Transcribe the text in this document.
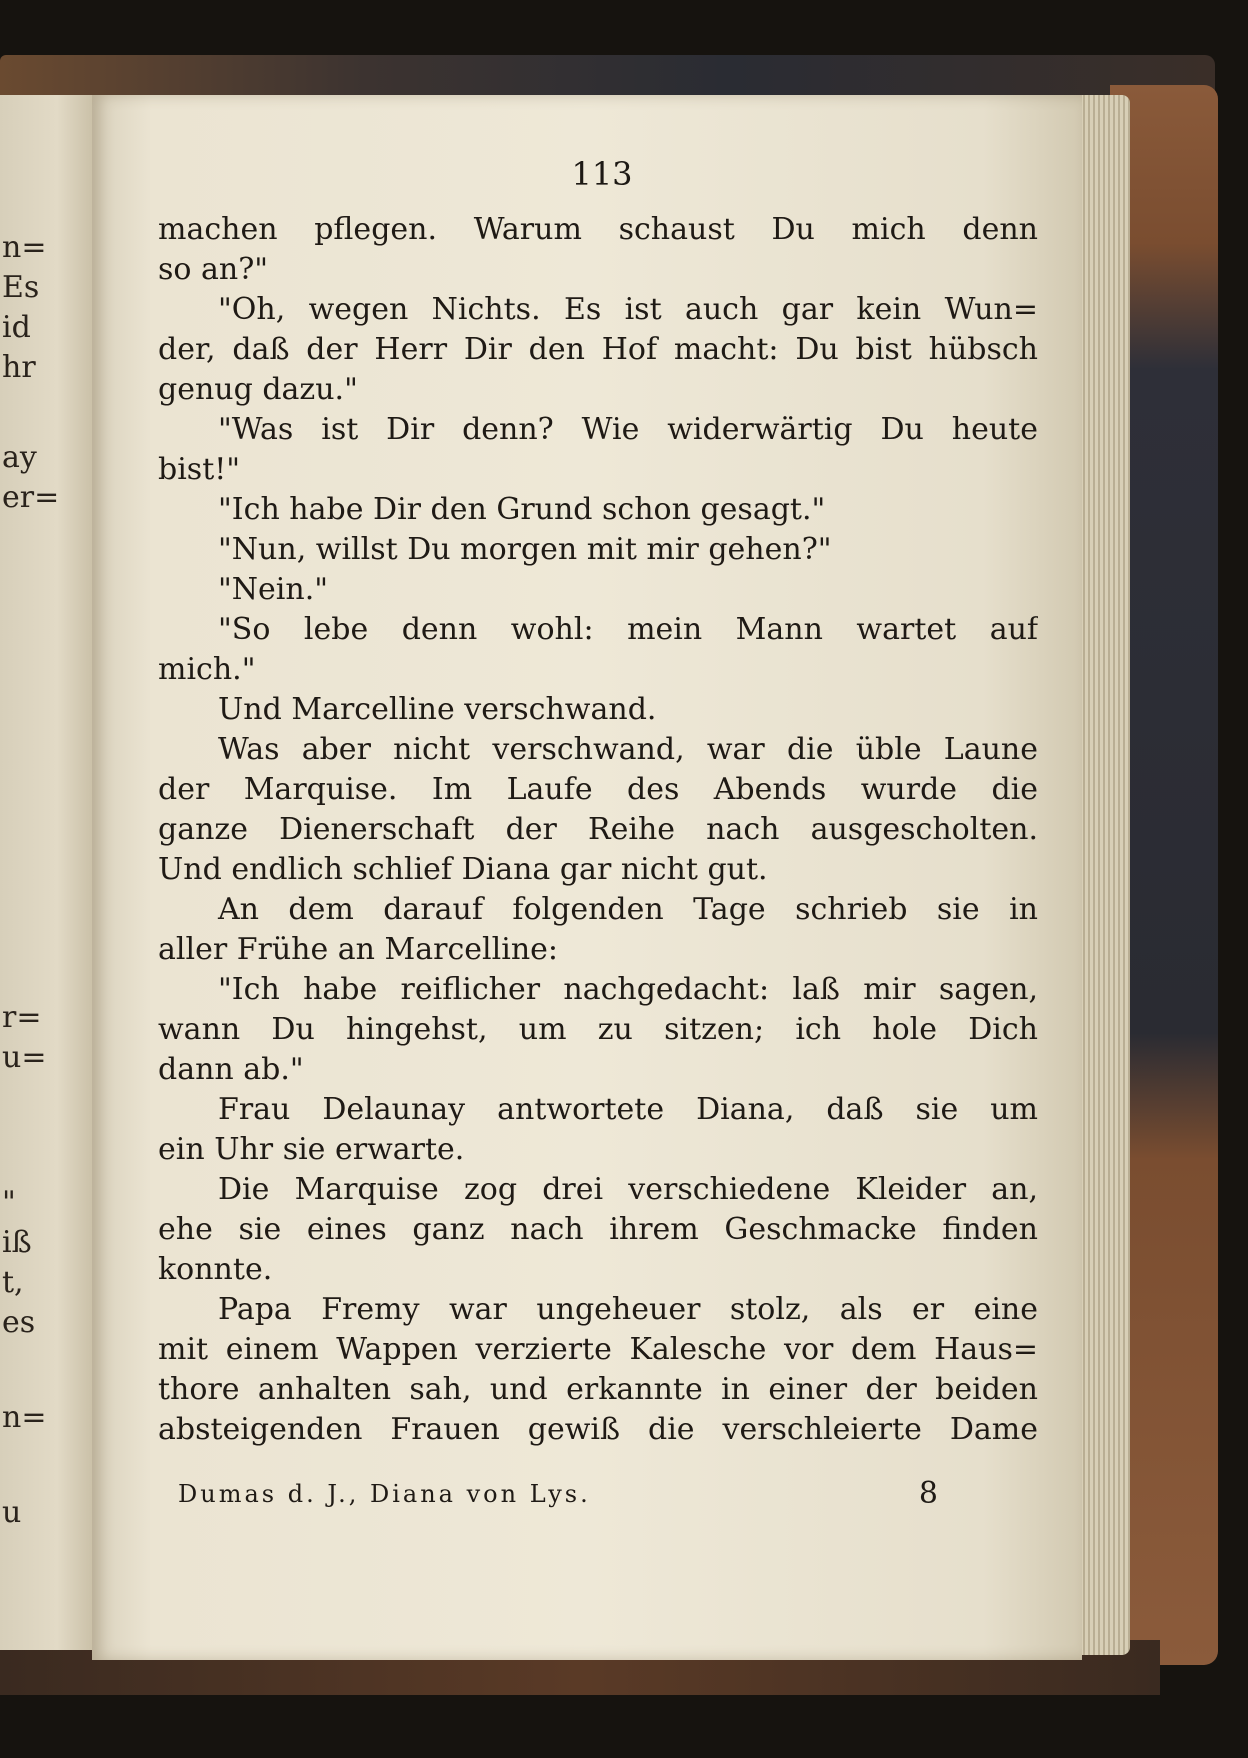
n=
Es
id
hr
ay
er=
r=
u=
"
iß
t,
es
n=
u
113
machen pflegen. Warum schaust Du mich denn
so an?"
"Oh, wegen Nichts. Es ist auch gar kein Wun=
der, daß der Herr Dir den Hof macht: Du bist hübsch
genug dazu."
"Was ist Dir denn? Wie widerwärtig Du heute
bist!"
"Ich habe Dir den Grund schon gesagt."
"Nun, willst Du morgen mit mir gehen?"
"Nein."
"So lebe denn wohl: mein Mann wartet auf
mich."
Und Marcelline verschwand.
Was aber nicht verschwand, war die üble Laune
der Marquise. Im Laufe des Abends wurde die
ganze Dienerschaft der Reihe nach ausgescholten.
Und endlich schlief Diana gar nicht gut.
An dem darauf folgenden Tage schrieb sie in
aller Frühe an Marcelline:
"Ich habe reiflicher nachgedacht: laß mir sagen,
wann Du hingehst, um zu sitzen; ich hole Dich
dann ab."
Frau Delaunay antwortete Diana, daß sie um
ein Uhr sie erwarte.
Die Marquise zog drei verschiedene Kleider an,
ehe sie eines ganz nach ihrem Geschmacke finden
konnte.
Papa Fremy war ungeheuer stolz, als er eine
mit einem Wappen verzierte Kalesche vor dem Haus=
thore anhalten sah, und erkannte in einer der beiden
absteigenden Frauen gewiß die verschleierte Dame
Dumas d. J., Diana von Lys.	8
